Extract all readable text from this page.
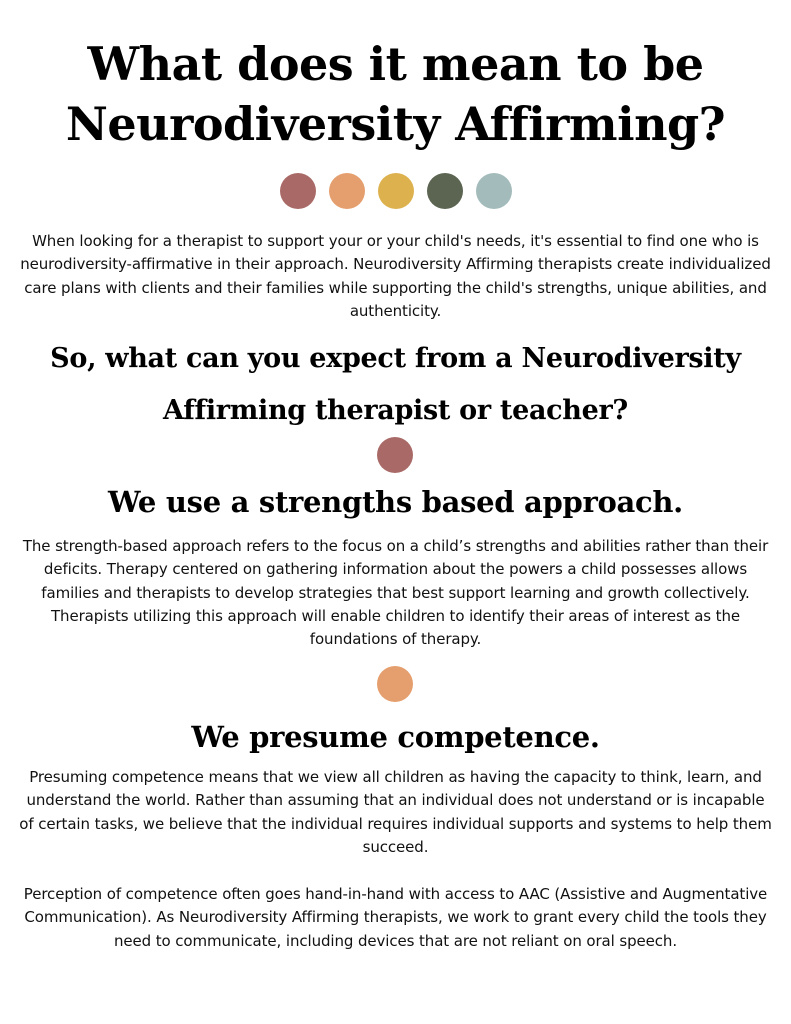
What does it mean to be Neurodiversity Affirming?

When looking for a therapist to support your or your child's needs, it's essential to find one who is neurodiversity-affirmative in their approach. Neurodiversity Affirming therapists create individualized care plans with clients and their families while supporting the child's strengths, unique abilities, and authenticity.

So, what can you expect from a Neurodiversity Affirming therapist or teacher?
We use a strengths based approach.

The strength-based approach refers to the focus on a child’s strengths and abilities rather than their deficits. Therapy centered on gathering information about the powers a child possesses allows families and therapists to develop strategies that best support learning and growth collectively. Therapists utilizing this approach will enable children to identify their areas of interest as the foundations of therapy.

We presume competence.

Presuming competence means that we view all children as having the capacity to think, learn, and understand the world. Rather than assuming that an individual does not understand or is incapable of certain tasks, we believe that the individual requires individual supports and systems to help them succeed.

Perception of competence often goes hand-in-hand with access to AAC (Assistive and Augmentative Communication). As Neurodiversity Affirming therapists, we work to grant every child the tools they need to communicate, including devices that are not reliant on oral speech.
